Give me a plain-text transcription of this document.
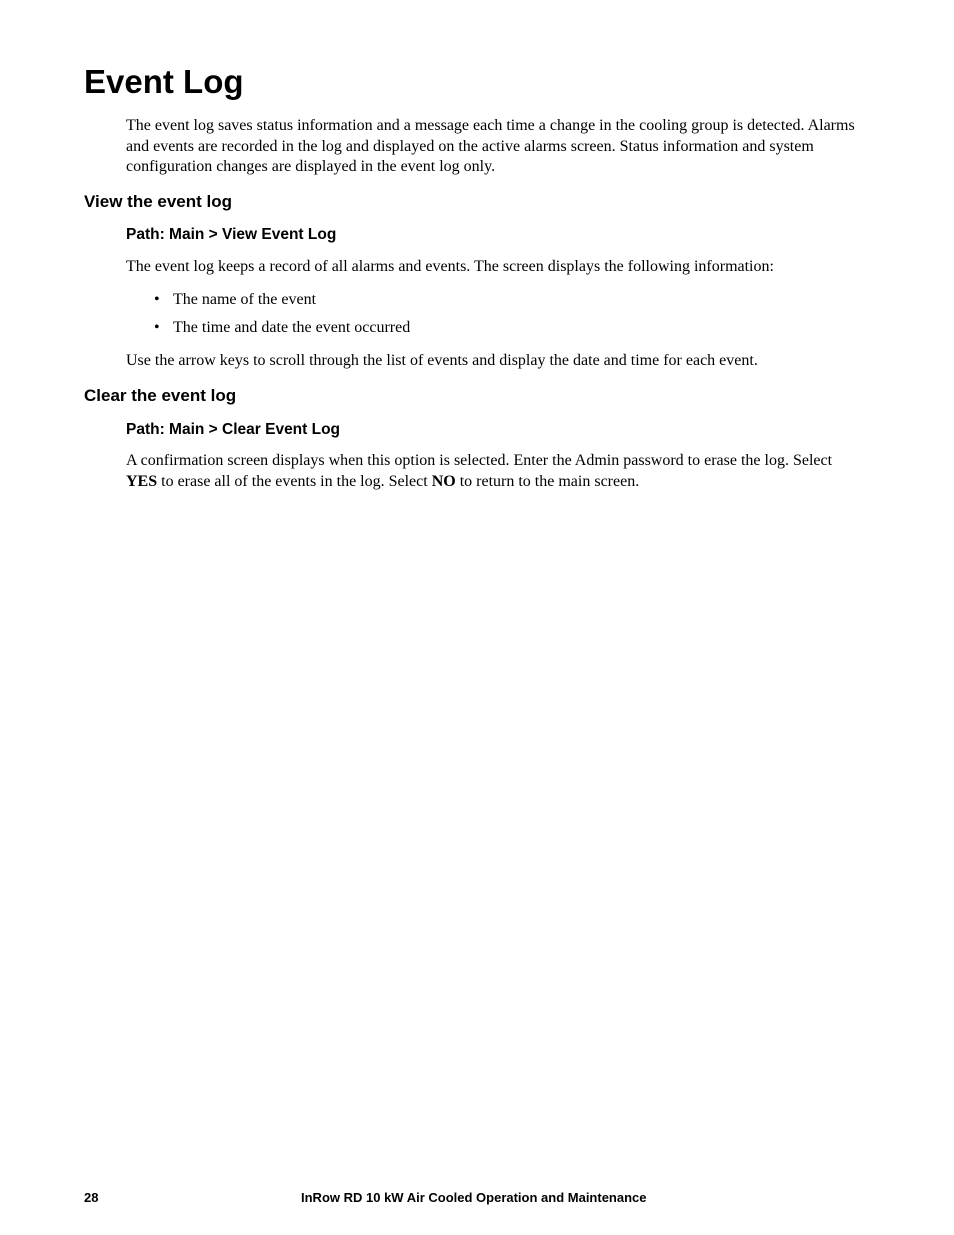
Event Log

The event log saves status information and a message each time a change in the cooling group is detected. Alarms and events are recorded in the log and displayed on the active alarms screen. Status information and system configuration changes are displayed in the event log only.

View the event log

Path: Main > View Event Log

The event log keeps a record of all alarms and events. The screen displays the following information:

• The name of the event
• The time and date the event occurred

Use the arrow keys to scroll through the list of events and display the date and time for each event.

Clear the event log

Path: Main > Clear Event Log

A confirmation screen displays when this option is selected. Enter the Admin password to erase the log. Select YES to erase all of the events in the log. Select NO to return to the main screen.

28	InRow RD 10 kW Air Cooled Operation and Maintenance
